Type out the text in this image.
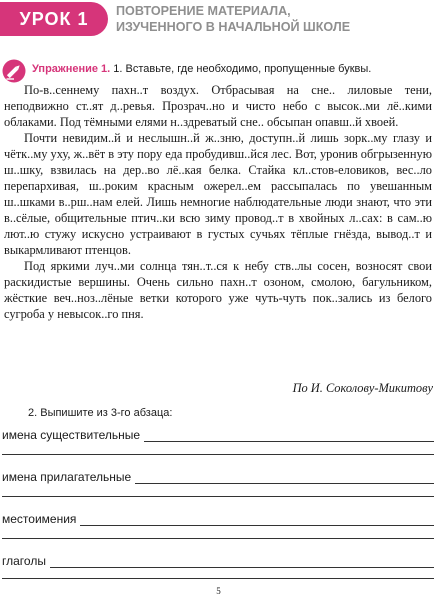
УРОК 1	ПОВТОРЕНИЕ МАТЕРИАЛА,
ИЗУЧЕННОГО В НАЧАЛЬНОЙ ШКОЛЕ
Упражнение 1. 1. Вставьте, где необходимо, пропущенные буквы.

По-в..сеннему пахн..т воздух. Отбрасывая на сне.. лиловые тени, неподвижно ст..ят д..ревья. Прозрач..но и чисто небо с высок..ми лё..кими облаками. Под тёмными елями н..здреватый сне.. обсыпан опавш..й хвоей.

Почти невидим..й и неслышн..й ж..зню, доступн..й лишь зорк..му глазу и чётк..му уху, ж..вёт в эту пору еда пробудивш..йся лес. Вот, уронив обгрызенную ш..шку, взвилась на дер..во лё..кая белка. Стайка кл..стов-еловиков, вес..ло перепархивая, ш..роким красным ожерел..ем рассыпалась по увешанным ш..шками в..рш..нам елей. Лишь немногие наблюдательные люди знают, что эти в..сёлые, общительные птич..ки всю зиму провод..т в хвойных л..сах: в сам..ю лют..ю стужу искусно устраивают в густых сучьях тёплые гнёзда, вывод..т и выкармливают птенцов.

Под яркими луч..ми солнца тян..т..ся к небу ств..лы сосен, возносят свои раскидистые вершины. Очень сильно пахн..т озоном, смолою, багульником, жёсткие веч..ноз..лёные ветки которого уже чуть-чуть пок..зались из белого сугроба у невысок..го пня.

По И. Соколову-Микитову
2. Выпишите из 3-го абзаца:
имена существительные
имена прилагательные
местоимения
глаголы
5
